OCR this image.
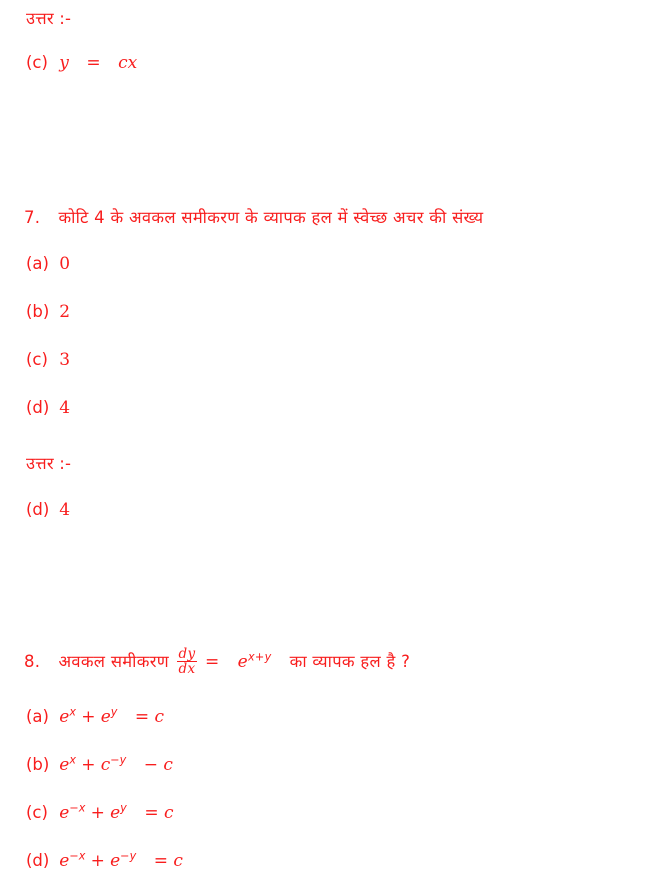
उत्तर :-
(c) y = cx
7. कोटि 4 के अवकल समीकरण के व्यापक हल में स्वेच्छ अचर की संख्य
(a) 0
(b) 2
(c) 3
(d) 4
उत्तर :-
(d) 4
8. अवकल समीकरण $\frac{dy}{dx} = e^{x+y}$ का व्यापक हल है ?
(a) $e^x + e^y = c$
(b) $e^x + c^{-y} - c$
(c) $e^{-x} + e^y = c$
(d) $e^{-x} + e^{-y} = c$
